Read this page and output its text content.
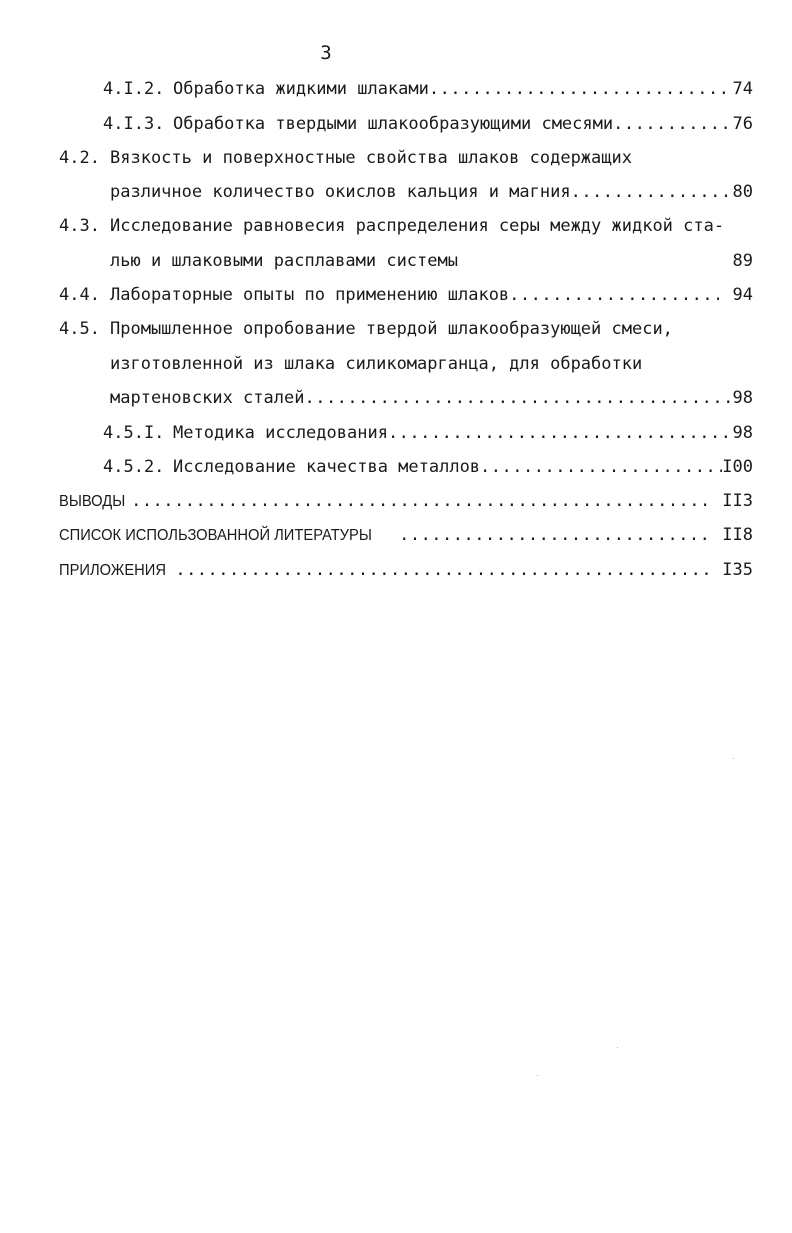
3
4.I.2. Обработка жидкими шлаками .....	74
4.I.3. Обработка твердыми шлакообразующими смесями .....	76
4.2. Вязкость и поверхностные свойства шлаков содержащих
различное количество окислов кальция и магния .....	80
4.3. Исследование равновесия распределения серы между жидкой ста-
лью и шлаковыми расплавами системы	89
4.4. Лабораторные опыты по применению шлаков .....	94
4.5. Промышленное опробование твердой шлакообразующей смеси,
изготовленной из шлака силикомарганца, для обработки
мартеновских сталей .....	98
4.5.I. Методика исследования .....	98
4.5.2. Исследование качества металлов .....	I00
ВЫВОДЫ .....	II3
СПИСОК ИСПОЛЬЗОВАННОЙ ЛИТЕРАТУРЫ .....	II8
ПРИЛОЖЕНИЯ .....	I35
